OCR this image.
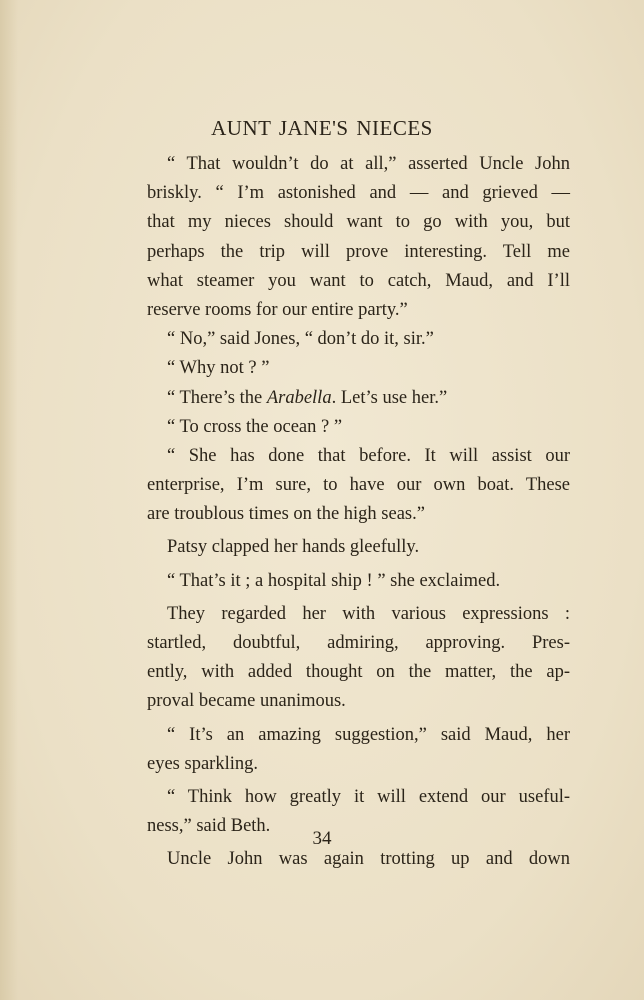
AUNT JANE'S NIECES
“ That wouldn’t do at all,” asserted Uncle John
briskly. “ I’m astonished and — and grieved —
that my nieces should want to go with you, but
perhaps the trip will prove interesting. Tell me
what steamer you want to catch, Maud, and I’ll
reserve rooms for our entire party.”
“ No,” said Jones, “ don’t do it, sir.”
“ Why not ? ”
“ There’s the Arabella. Let’s use her.”
“ To cross the ocean ? ”
“ She has done that before. It will assist our
enterprise, I’m sure, to have our own boat. These
are troublous times on the high seas.”
Patsy clapped her hands gleefully.
“ That’s it ; a hospital ship ! ” she exclaimed.
They regarded her with various expressions :
startled, doubtful, admiring, approving. Pres-
ently, with added thought on the matter, the ap-
proval became unanimous.
“ It’s an amazing suggestion,” said Maud, her
eyes sparkling.
“ Think how greatly it will extend our useful-
ness,” said Beth.
Uncle John was again trotting up and down
34
